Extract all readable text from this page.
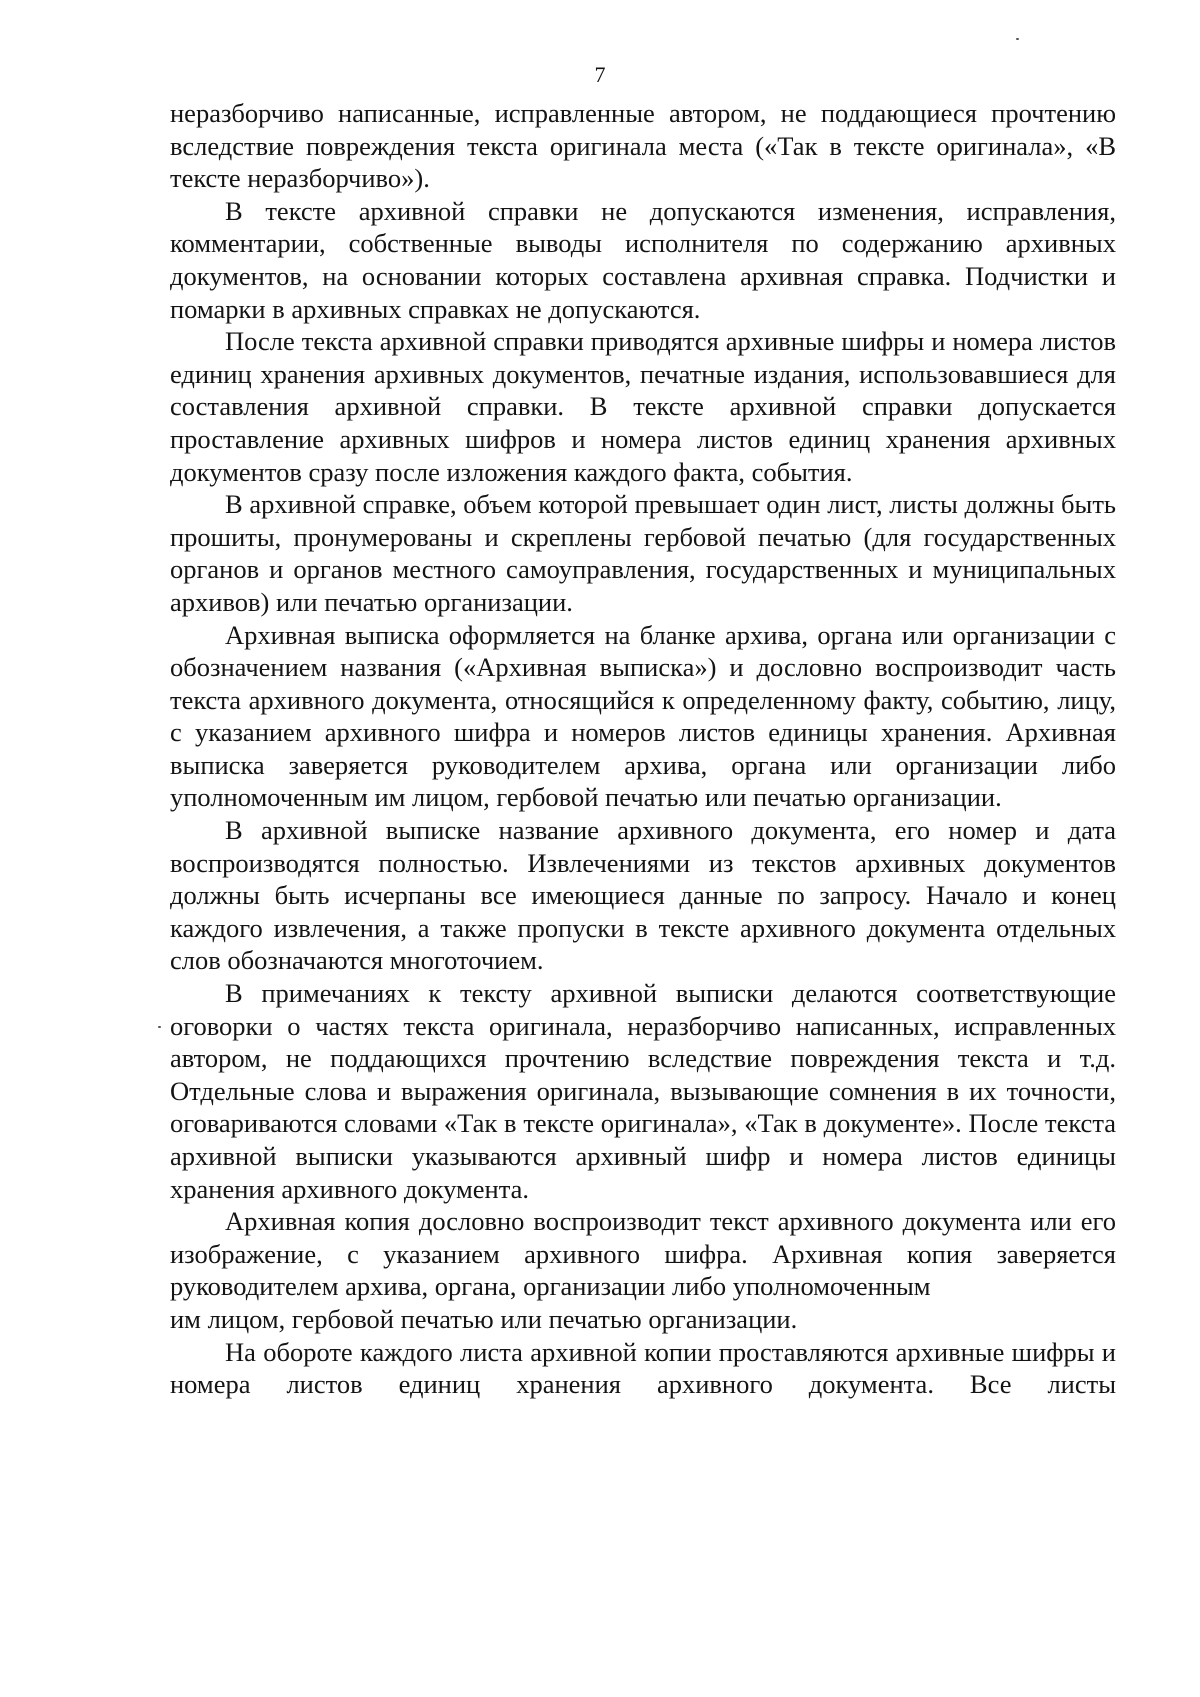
7

неразборчиво написанные, исправленные автором, не поддающиеся прочтению вследствие повреждения текста оригинала места («Так в тексте оригинала», «В тексте неразборчиво»).

В тексте архивной справки не допускаются изменения, исправления, комментарии, собственные выводы исполнителя по содержанию архивных документов, на основании которых составлена архивная справка. Подчистки и помарки в архивных справках не допускаются.

После текста архивной справки приводятся архивные шифры и номера листов единиц хранения архивных документов, печатные издания, использовавшиеся для составления архивной справки. В тексте архивной справки допускается проставление архивных шифров и номера листов единиц хранения архивных документов сразу после изложения каждого факта, события.

В архивной справке, объем которой превышает один лист, листы должны быть прошиты, пронумерованы и скреплены гербовой печатью (для государственных органов и органов местного самоуправления, государственных и муниципальных архивов) или печатью организации.

Архивная выписка оформляется на бланке архива, органа или организации с обозначением названия («Архивная выписка») и дословно воспроизводит часть текста архивного документа, относящийся к определенному факту, событию, лицу, с указанием архивного шифра и номеров листов единицы хранения. Архивная выписка заверяется руководителем архива, органа или организации либо уполномоченным им лицом, гербовой печатью или печатью организации.

В архивной выписке название архивного документа, его номер и дата воспроизводятся полностью. Извлечениями из текстов архивных документов должны быть исчерпаны все имеющиеся данные по запросу. Начало и конец каждого извлечения, а также пропуски в тексте архивного документа отдельных слов обозначаются многоточием.

В примечаниях к тексту архивной выписки делаются соответствующие оговорки о частях текста оригинала, неразборчиво написанных, исправленных автором, не поддающихся прочтению вследствие повреждения текста и т.д. Отдельные слова и выражения оригинала, вызывающие сомнения в их точности, оговариваются словами «Так в тексте оригинала», «Так в документе». После текста архивной выписки указываются архивный шифр и номера листов единицы хранения архивного документа.

Архивная копия дословно воспроизводит текст архивного документа или его изображение, с указанием архивного шифра. Архивная копия заверяется руководителем архива, органа, организации либо уполномоченным

им лицом, гербовой печатью или печатью организации.

На обороте каждого листа архивной копии проставляются архивные шифры и номера листов единиц хранения архивного документа. Все листы
